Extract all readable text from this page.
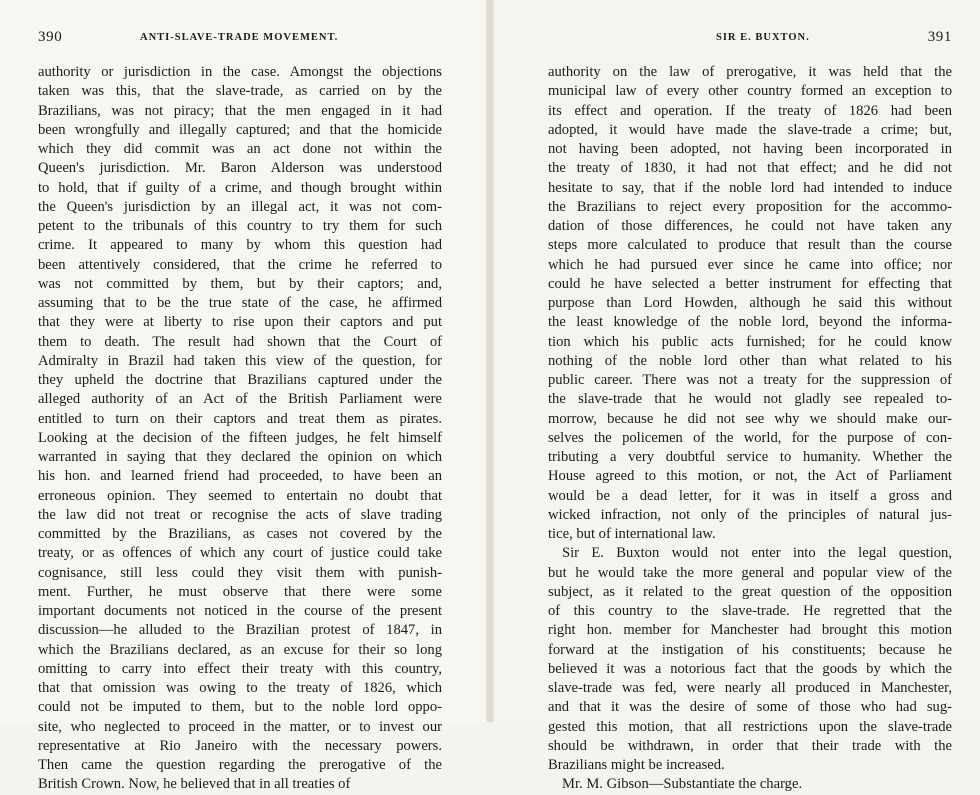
390	ANTI-SLAVE-TRADE MOVEMENT.
authority or jurisdiction in the case. Amongst the objections
taken was this, that the slave-trade, as carried on by the
Brazilians, was not piracy; that the men engaged in it had
been wrongfully and illegally captured; and that the homicide
which they did commit was an act done not within the
Queen's jurisdiction. Mr. Baron Alderson was understood
to hold, that if guilty of a crime, and though brought within
the Queen's jurisdiction by an illegal act, it was not com-
petent to the tribunals of this country to try them for such
crime. It appeared to many by whom this question had
been attentively considered, that the crime he referred to
was not committed by them, but by their captors; and,
assuming that to be the true state of the case, he affirmed
that they were at liberty to rise upon their captors and put
them to death. The result had shown that the Court of
Admiralty in Brazil had taken this view of the question, for
they upheld the doctrine that Brazilians captured under the
alleged authority of an Act of the British Parliament were
entitled to turn on their captors and treat them as pirates.
Looking at the decision of the fifteen judges, he felt himself
warranted in saying that they declared the opinion on which
his hon. and learned friend had proceeded, to have been an
erroneous opinion. They seemed to entertain no doubt that
the law did not treat or recognise the acts of slave trading
committed by the Brazilians, as cases not covered by the
treaty, or as offences of which any court of justice could take
cognisance, still less could they visit them with punish-
ment. Further, he must observe that there were some
important documents not noticed in the course of the present
discussion—he alluded to the Brazilian protest of 1847, in
which the Brazilians declared, as an excuse for their so long
omitting to carry into effect their treaty with this country,
that that omission was owing to the treaty of 1826, which
could not be imputed to them, but to the noble lord oppo-
site, who neglected to proceed in the matter, or to invest our
representative at Rio Janeiro with the necessary powers.
Then came the question regarding the prerogative of the
British Crown. Now, he believed that in all treaties of
SIR E. BUXTON.	391
authority on the law of prerogative, it was held that the
municipal law of every other country formed an exception to
its effect and operation. If the treaty of 1826 had been
adopted, it would have made the slave-trade a crime; but,
not having been adopted, not having been incorporated in
the treaty of 1830, it had not that effect; and he did not
hesitate to say, that if the noble lord had intended to induce
the Brazilians to reject every proposition for the accommo-
dation of those differences, he could not have taken any
steps more calculated to produce that result than the course
which he had pursued ever since he came into office; nor
could he have selected a better instrument for effecting that
purpose than Lord Howden, although he said this without
the least knowledge of the noble lord, beyond the informa-
tion which his public acts furnished; for he could know
nothing of the noble lord other than what related to his
public career. There was not a treaty for the suppression of
the slave-trade that he would not gladly see repealed to-
morrow, because he did not see why we should make our-
selves the policemen of the world, for the purpose of con-
tributing a very doubtful service to humanity. Whether the
House agreed to this motion, or not, the Act of Parliament
would be a dead letter, for it was in itself a gross and
wicked infraction, not only of the principles of natural jus-
tice, but of international law.
Sir E. Buxton would not enter into the legal question,
but he would take the more general and popular view of the
subject, as it related to the great question of the opposition
of this country to the slave-trade. He regretted that the
right hon. member for Manchester had brought this motion
forward at the instigation of his constituents; because he
believed it was a notorious fact that the goods by which the
slave-trade was fed, were nearly all produced in Manchester,
and that it was the desire of some of those who had sug-
gested this motion, that all restrictions upon the slave-trade
should be withdrawn, in order that their trade with the
Brazilians might be increased.
Mr. M. Gibson—Substantiate the charge.
